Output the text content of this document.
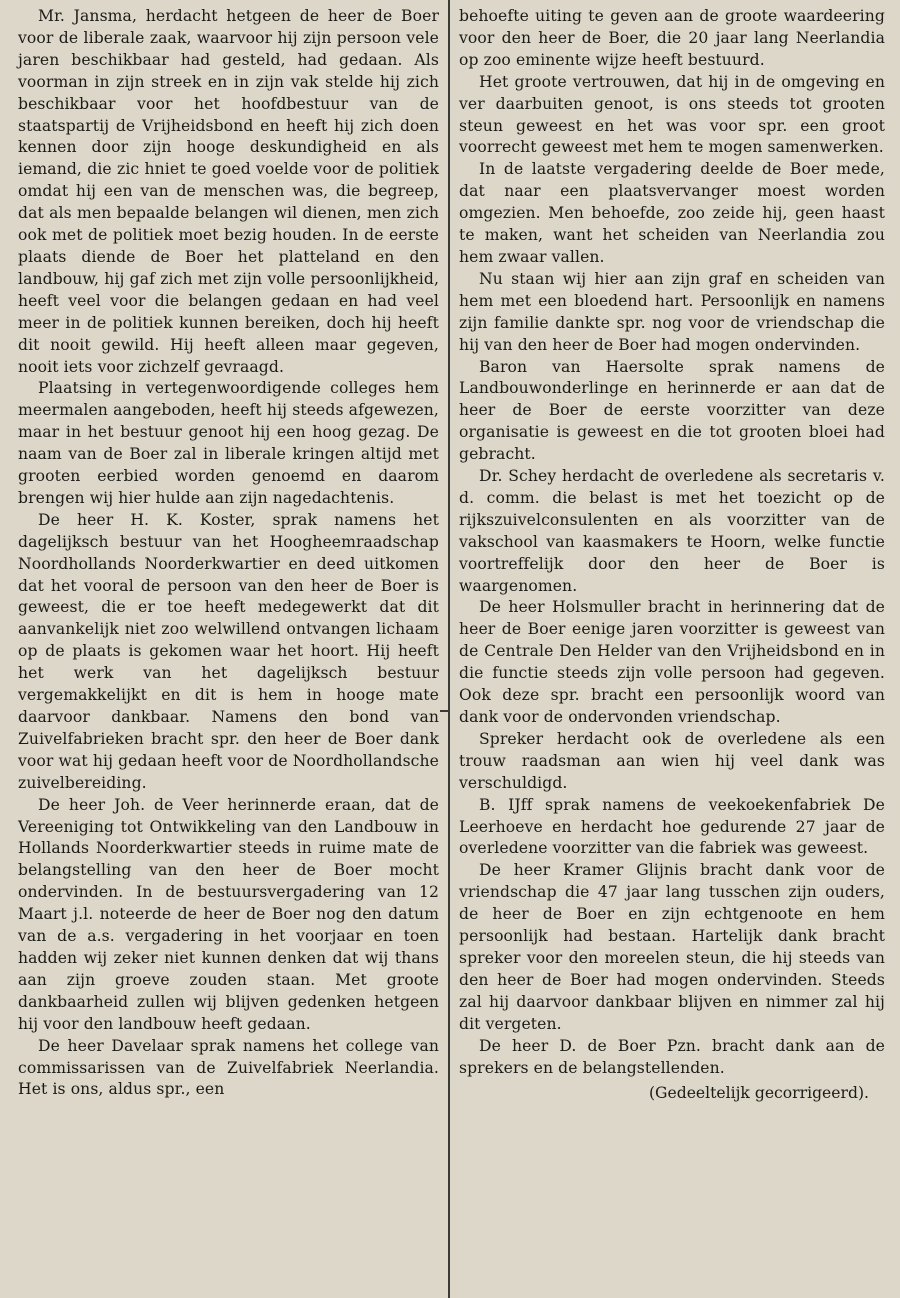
Mr. Jansma, herdacht hetgeen de heer de Boer voor de liberale zaak, waarvoor hij zijn persoon vele jaren beschikbaar had gesteld, had gedaan. Als voorman in zijn streek en in zijn vak stelde hij zich beschikbaar voor het hoofdbestuur van de staatspartij de Vrijheidsbond en heeft hij zich doen kennen door zijn hooge deskundigheid en als iemand, die zic hniet te goed voelde voor de politiek omdat hij een van de menschen was, die begreep, dat als men bepaalde belangen wil dienen, men zich ook met de politiek moet bezig houden. In de eerste plaats diende de Boer het platteland en den landbouw, hij gaf zich met zijn volle persoonlijkheid, heeft veel voor die belangen gedaan en had veel meer in de politiek kunnen bereiken, doch hij heeft dit nooit gewild. Hij heeft alleen maar gegeven, nooit iets voor zichzelf gevraagd.

Plaatsing in vertegenwoordigende colleges hem meermalen aangeboden, heeft hij steeds afgewezen, maar in het bestuur genoot hij een hoog gezag. De naam van de Boer zal in liberale kringen altijd met grooten eerbied worden genoemd en daarom brengen wij hier hulde aan zijn nagedachtenis.

De heer H. K. Koster, sprak namens het dagelijksch bestuur van het Hoogheemraadschap Noordhollands Noorderkwartier en deed uitkomen dat het vooral de persoon van den heer de Boer is geweest, die er toe heeft medegewerkt dat dit aanvankelijk niet zoo welwillend ontvangen lichaam op de plaats is gekomen waar het hoort. Hij heeft het werk van het dagelijksch bestuur vergemakkelijkt en dit is hem in hooge mate daarvoor dankbaar. Namens den bond van Zuivelfabrieken bracht spr. den heer de Boer dank voor wat hij gedaan heeft voor de Noordhollandsche zuivelbereiding.

De heer Joh. de Veer herinnerde eraan, dat de Vereeniging tot Ontwikkeling van den Landbouw in Hollands Noorderkwartier steeds in ruime mate de belangstelling van den heer de Boer mocht ondervinden. In de bestuursvergadering van 12 Maart j.l. noteerde de heer de Boer nog den datum van de a.s. vergadering in het voorjaar en toen hadden wij zeker niet kunnen denken dat wij thans aan zijn groeve zouden staan. Met groote dankbaarheid zullen wij blijven gedenken hetgeen hij voor den landbouw heeft gedaan.

De heer Davelaar sprak namens het college van commissarissen van de Zuivelfabriek Neerlandia. Het is ons, aldus spr., een

behoefte uiting te geven aan de groote waardeering voor den heer de Boer, die 20 jaar lang Neerlandia op zoo eminente wijze heeft bestuurd.

Het groote vertrouwen, dat hij in de omgeving en ver daarbuiten genoot, is ons steeds tot grooten steun geweest en het was voor spr. een groot voorrecht geweest met hem te mogen samenwerken.

In de laatste vergadering deelde de Boer mede, dat naar een plaatsvervanger moest worden omgezien. Men behoefde, zoo zeide hij, geen haast te maken, want het scheiden van Neerlandia zou hem zwaar vallen.

Nu staan wij hier aan zijn graf en scheiden van hem met een bloedend hart. Persoonlijk en namens zijn familie dankte spr. nog voor de vriendschap die hij van den heer de Boer had mogen ondervinden.

Baron van Haersolte sprak namens de Landbouwonderlinge en herinnerde er aan dat de heer de Boer de eerste voorzitter van deze organisatie is geweest en die tot grooten bloei had gebracht.

Dr. Schey herdacht de overledene als secretaris v. d. comm. die belast is met het toezicht op de rijkszuivelconsulenten en als voorzitter van de vakschool van kaasmakers te Hoorn, welke functie voortreffelijk door den heer de Boer is waargenomen.

De heer Holsmuller bracht in herinnering dat de heer de Boer eenige jaren voorzitter is geweest van de Centrale Den Helder van den Vrijheidsbond en in die functie steeds zijn volle persoon had gegeven. Ook deze spr. bracht een persoonlijk woord van dank voor de ondervonden vriendschap.

Spreker herdacht ook de overledene als een trouw raadsman aan wien hij veel dank was verschuldigd.

B. IJff sprak namens de veekoekenfabriek De Leerhoeve en herdacht hoe gedurende 27 jaar de overledene voorzitter van die fabriek was geweest.

De heer Kramer Glijnis bracht dank voor de vriendschap die 47 jaar lang tusschen zijn ouders, de heer de Boer en zijn echtgenoote en hem persoonlijk had bestaan. Hartelijk dank bracht spreker voor den moreelen steun, die hij steeds van den heer de Boer had mogen ondervinden. Steeds zal hij daarvoor dankbaar blijven en nimmer zal hij dit vergeten.

De heer D. de Boer Pzn. bracht dank aan de sprekers en de belangstellenden.

(Gedeeltelijk gecorrigeerd).
